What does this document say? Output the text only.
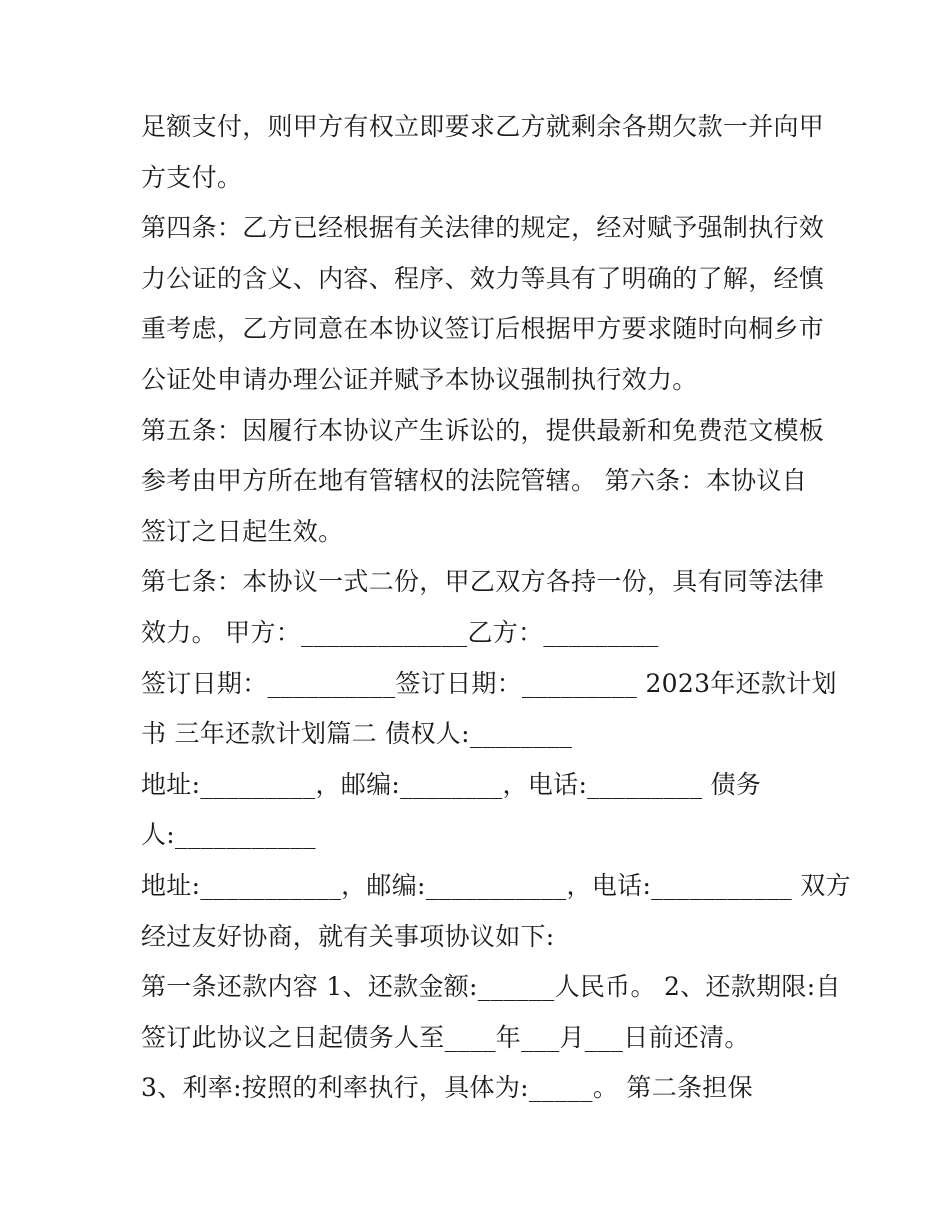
足额支付，则甲方有权立即要求乙方就剩余各期欠款一并向甲
方支付。
第四条：乙方已经根据有关法律的规定，经对赋予强制执行效
力公证的含义、内容、程序、效力等具有了明确的了解，经慎
重考虑，乙方同意在本协议签订后根据甲方要求随时向桐乡市
公证处申请办理公证并赋予本协议强制执行效力。
第五条：因履行本协议产生诉讼的，提供最新和免费范文模板
参考由甲方所在地有管辖权的法院管辖。 第六条：本协议自
签订之日起生效。
第七条：本协议一式二份，甲乙双方各持一份，具有同等法律
效力。 甲方：_____________乙方：_________
签订日期：__________签订日期：_________ 2023年还款计划
书 三年还款计划篇二 债权人:________
地址:_________，邮编:________，电话:_________ 债务
人:___________
地址:___________，邮编:___________，电话:___________ 双方
经过友好协商，就有关事项协议如下:
第一条还款内容 1、还款金额:______人民币。 2、还款期限:自
签订此协议之日起债务人至____年___月___日前还清。
3、利率:按照的利率执行，具体为:_____。 第二条担保
